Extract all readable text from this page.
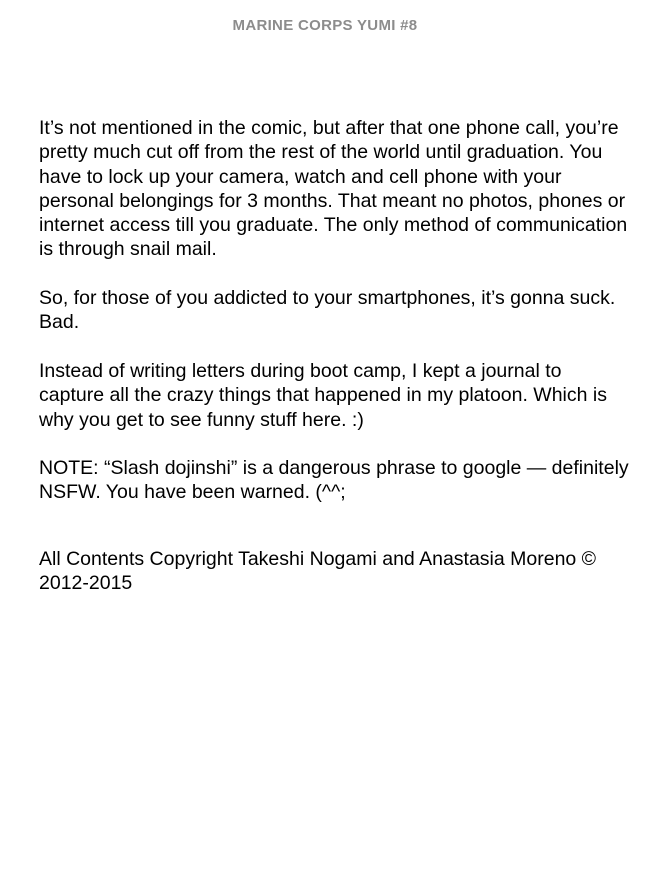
MARINE CORPS YUMI #8

It’s not mentioned in the comic, but after that one phone call, you’re pretty much cut off from the rest of the world until graduation. You have to lock up your camera, watch and cell phone with your personal belongings for 3 months. That meant no photos, phones or internet access till you graduate. The only method of communication is through snail mail.

So, for those of you addicted to your smartphones, it’s gonna suck. Bad.

Instead of writing letters during boot camp, I kept a journal to capture all the crazy things that happened in my platoon. Which is why you get to see funny stuff here. :)

NOTE: “Slash dojinshi” is a dangerous phrase to google — definitely NSFW. You have been warned. (^^;

All Contents Copyright Takeshi Nogami and Anastasia Moreno © 2012-2015
